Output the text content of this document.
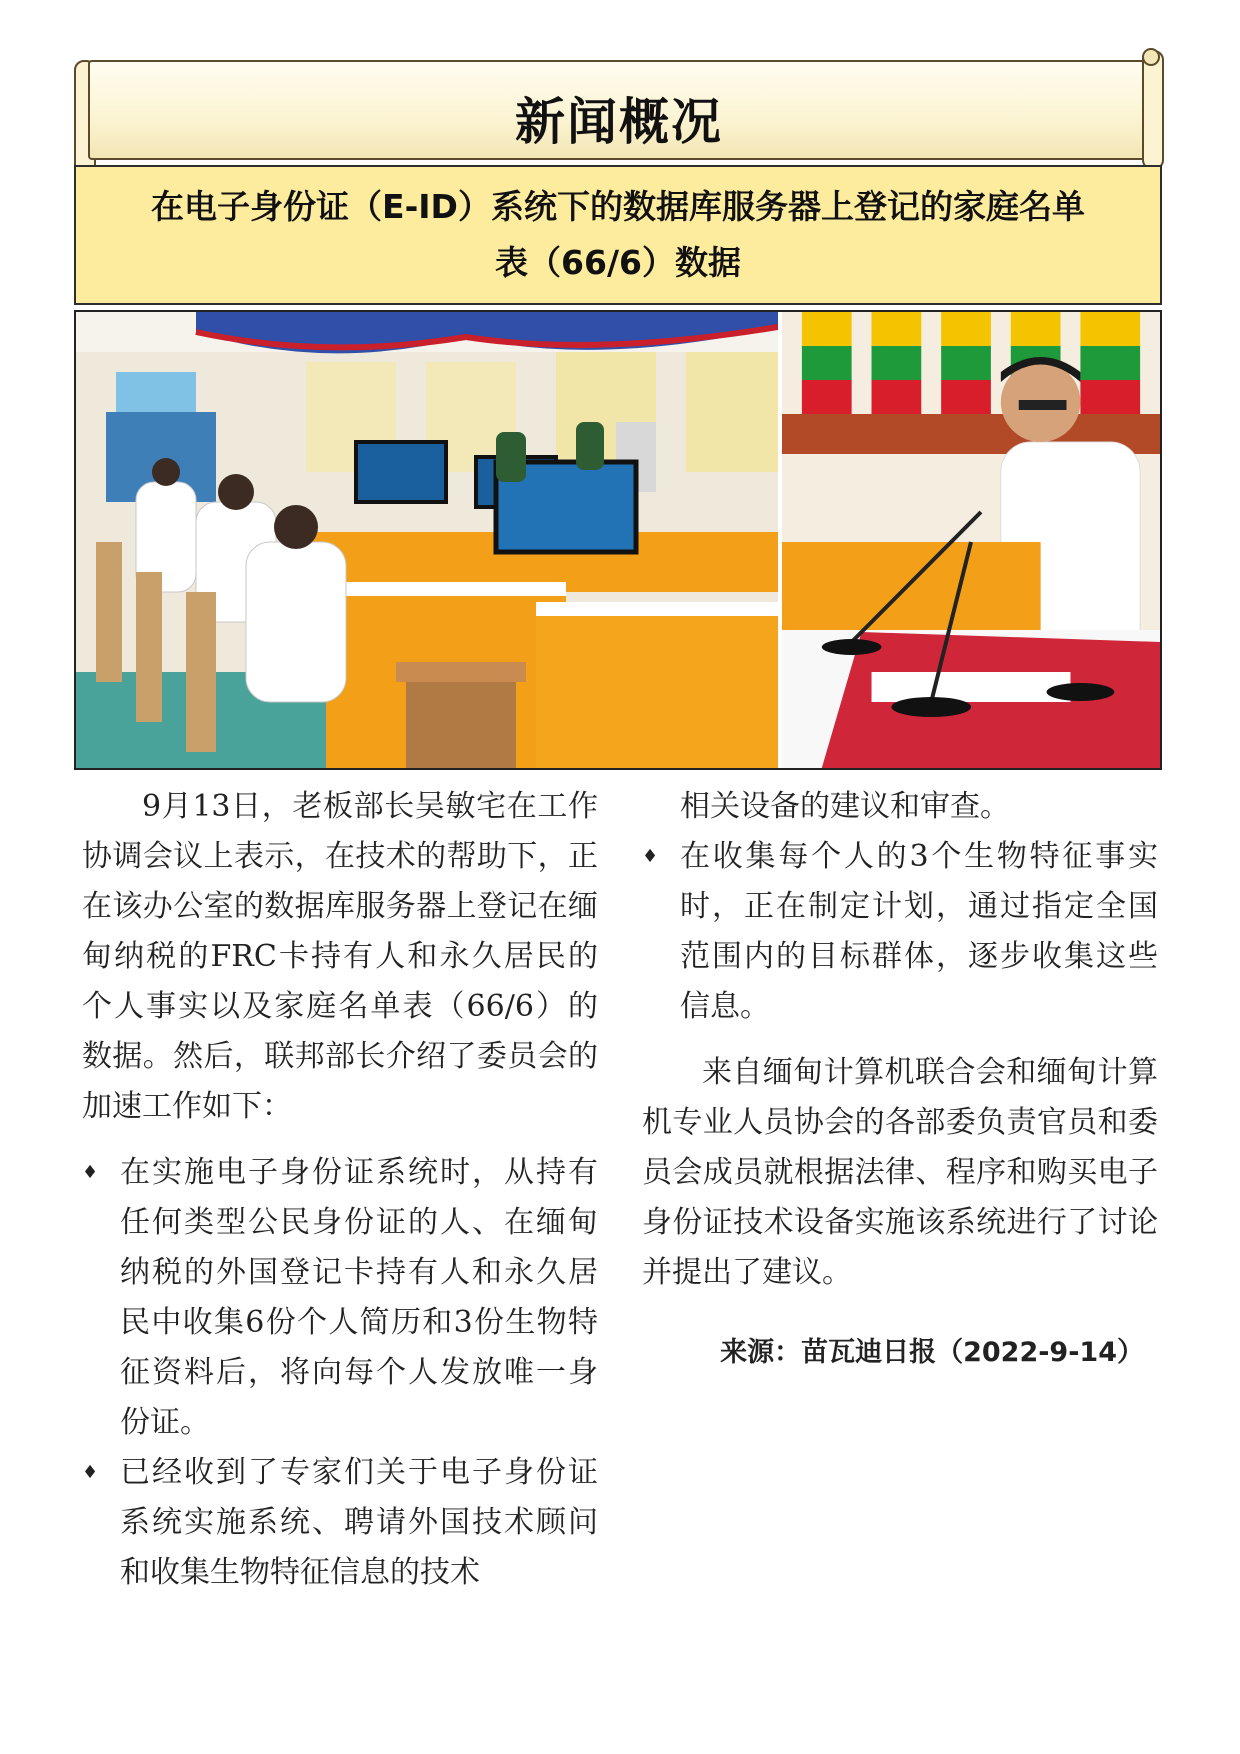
新闻概况

在电子身份证（E-ID）系统下的数据库服务器上登记的家庭名单

表（66/6）数据

9月13日，老板部长吴敏宅在工作协调会议上表示，在技术的帮助下，正在该办公室的数据库服务器上登记在缅甸纳税的FRC卡持有人和永久居民的个人事实以及家庭名单表（66/6）的数据。然后，联邦部长介绍了委员会的加速工作如下：

♦ 在实施电子身份证系统时，从持有任何类型公民身份证的人、在缅甸纳税的外国登记卡持有人和永久居民中收集6份个人简历和3份生物特征资料后，将向每个人发放唯一身份证。

♦ 已经收到了专家们关于电子身份证系统实施系统、聘请外国技术顾问和收集生物特征信息的技术

相关设备的建议和审查。

♦ 在收集每个人的3个生物特征事实时，正在制定计划，通过指定全国范围内的目标群体，逐步收集这些信息。

来自缅甸计算机联合会和缅甸计算机专业人员协会的各部委负责官员和委员会成员就根据法律、程序和购买电子身份证技术设备实施该系统进行了讨论并提出了建议。

来源：苗瓦迪日报（2022-9-14）
